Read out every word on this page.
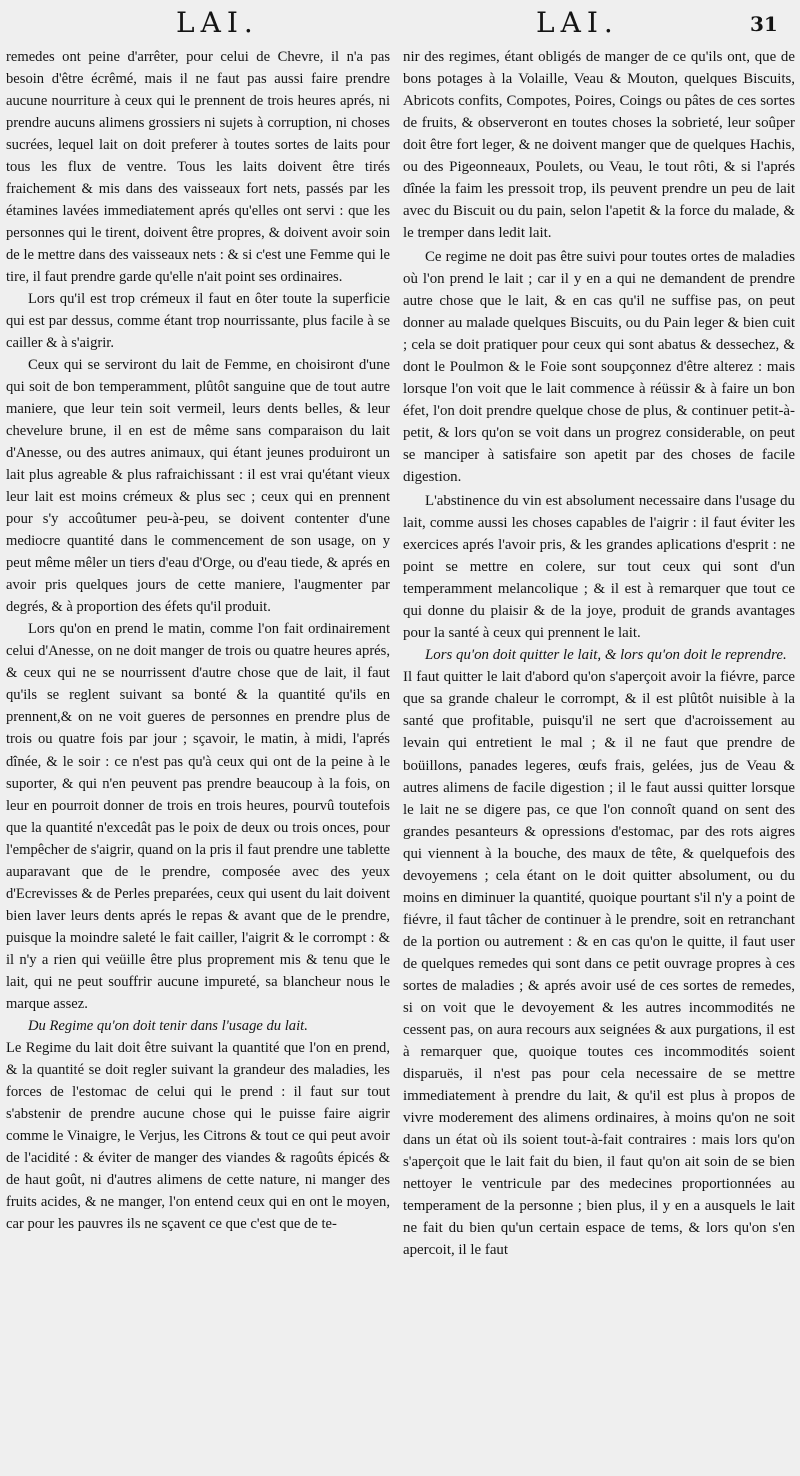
LAI.	LAI.	31

remedes ont peine d'arrêter, pour celui de Chevre, il n'a pas besoin d'être écrêmé, mais il ne faut pas aussi faire prendre aucune nourriture à ceux qui le prennent de trois heures aprés, ni prendre aucuns alimens grossiers ni sujets à corruption, ni choses sucrées, lequel lait on doit preferer à toutes sortes de laits pour tous les flux de ventre. Tous les laits doivent être tirés fraichement & mis dans des vaisseaux fort nets, passés par les étamines lavées immediatement aprés qu'elles ont servi : que les personnes qui le tirent, doivent être propres, & doivent avoir soin de le mettre dans des vaisseaux nets : & si c'est une Femme qui le tire, il faut prendre garde qu'elle n'ait point ses ordinaires.

Lors qu'il est trop crémeux il faut en ôter toute la superficie qui est par dessus, comme étant trop nourrissante, plus facile à se cailler & à s'aigrir.

Ceux qui se serviront du lait de Femme, en choisiront d'une qui soit de bon temperamment, plûtôt sanguine que de tout autre maniere, que leur tein soit vermeil, leurs dents belles, & leur chevelure brune, il en est de même sans comparaison du lait d'Anesse, ou des autres animaux, qui étant jeunes produiront un lait plus agreable & plus rafraichissant : il est vrai qu'étant vieux leur lait est moins crémeux & plus sec ; ceux qui en prennent pour s'y accoûtumer peu-à-peu, se doivent contenter d'une mediocre quantité dans le commencement de son usage, on y peut même mêler un tiers d'eau d'Orge, ou d'eau tiede, & aprés en avoir pris quelques jours de cette maniere, l'augmenter par degrés, & à proportion des éfets qu'il produit.

Lors qu'on en prend le matin, comme l'on fait ordinairement celui d'Anesse, on ne doit manger de trois ou quatre heures aprés, & ceux qui ne se nourrissent d'autre chose que de lait, il faut qu'ils se reglent suivant sa bonté & la quantité qu'ils en prennent,& on ne voit gueres de personnes en prendre plus de trois ou quatre fois par jour ; sçavoir, le matin, à midi, l'aprés dînée, & le soir : ce n'est pas qu'à ceux qui ont de la peine à le suporter, & qui n'en peuvent pas prendre beaucoup à la fois, on leur en pourroit donner de trois en trois heures, pourvû toutefois que la quantité n'excedât pas le poix de deux ou trois onces, pour l'empêcher de s'aigrir, quand on la pris il faut prendre une tablette auparavant que de le prendre, composée avec des yeux d'Ecrevisses & de Perles preparées, ceux qui usent du lait doivent bien laver leurs dents aprés le repas & avant que de le prendre, puisque la moindre saleté le fait cailler, l'aigrit & le corrompt : & il n'y a rien qui veüille être plus proprement mis & tenu que le lait, qui ne peut souffrir aucune impureté, sa blancheur nous le marque assez.

Du Regime qu'on doit tenir dans l'usage du lait.

Le Regime du lait doit être suivant la quantité que l'on en prend, & la quantité se doit regler suivant la grandeur des maladies, les forces de l'estomac de celui qui le prend : il faut sur tout s'abstenir de prendre aucune chose qui le puisse faire aigrir comme le Vinaigre, le Verjus, les Citrons & tout ce qui peut avoir de l'acidité : & éviter de manger des viandes & ragoûts épicés & de haut goût, ni d'autres alimens de cette nature, ni manger des fruits acides, & ne manger, l'on entend ceux qui en ont le moyen, car pour les pauvres ils ne sçavent ce que c'est que de te-

nir des regimes, étant obligés de manger de ce qu'ils ont, que de bons potages à la Volaille, Veau & Mouton, quelques Biscuits, Abricots confits, Compotes, Poires, Coings ou pâtes de ces sortes de fruits, & observeront en toutes choses la sobrieté, leur soûper doit être fort leger, & ne doivent manger que de quelques Hachis, ou des Pigeonneaux, Poulets, ou Veau, le tout rôti, & si l'aprés dînée la faim les pressoit trop, ils peuvent prendre un peu de lait avec du Biscuit ou du pain, selon l'apetit & la force du malade, & le tremper dans ledit lait.

Ce regime ne doit pas être suivi pour toutes ortes de maladies où l'on prend le lait ; car il y en a qui ne demandent de prendre autre chose que le lait, & en cas qu'il ne suffise pas, on peut donner au malade quelques Biscuits, ou du Pain leger & bien cuit ; cela se doit pratiquer pour ceux qui sont abatus & dessechez, & dont le Poulmon & le Foie sont soupçonnez d'être alterez : mais lorsque l'on voit que le lait commence à réüssir & à faire un bon éfet, l'on doit prendre quelque chose de plus, & continuer petit-à-petit, & lors qu'on se voit dans un progrez considerable, on peut se manciper à satisfaire son apetit par des choses de facile digestion.

L'abstinence du vin est absolument necessaire dans l'usage du lait, comme aussi les choses capables de l'aigrir : il faut éviter les exercices aprés l'avoir pris, & les grandes aplications d'esprit : ne point se mettre en colere, sur tout ceux qui sont d'un temperamment melancolique ; & il est à remarquer que tout ce qui donne du plaisir & de la joye, produit de grands avantages pour la santé à ceux qui prennent le lait.

Lors qu'on doit quitter le lait, & lors qu'on doit le reprendre.

Il faut quitter le lait d'abord qu'on s'aperçoit avoir la fiévre, parce que sa grande chaleur le corrompt, & il est plûtôt nuisible à la santé que profitable, puisqu'il ne sert que d'acroissement au levain qui entretient le mal ; & il ne faut que prendre de boüillons, panades legeres, œufs frais, gelées, jus de Veau & autres alimens de facile digestion ; il le faut aussi quitter lorsque le lait ne se digere pas, ce que l'on connoît quand on sent des grandes pesanteurs & opressions d'estomac, par des rots aigres qui viennent à la bouche, des maux de tête, & quelquefois des devoyemens ; cela étant on le doit quitter absolument, ou du moins en diminuer la quantité, quoique pourtant s'il n'y a point de fiévre, il faut tâcher de continuer à le prendre, soit en retranchant de la portion ou autrement : & en cas qu'on le quitte, il faut user de quelques remedes qui sont dans ce petit ouvrage propres à ces sortes de maladies ; & aprés avoir usé de ces sortes de remedes, si on voit que le devoyement & les autres incommodités ne cessent pas, on aura recours aux seignées & aux purgations, il est à remarquer que, quoique toutes ces incommodités soient disparuës, il n'est pas pour cela necessaire de se mettre immediatement à prendre du lait, & qu'il est plus à propos de vivre moderement des alimens ordinaires, à moins qu'on ne soit dans un état où ils soient tout-à-fait contraires : mais lors qu'on s'aperçoit que le lait fait du bien, il faut qu'on ait soin de se bien nettoyer le ventricule par des medecines proportionnées au temperament de la personne ; bien plus, il y en a ausquels le lait ne fait du bien qu'un certain espace de tems, & lors qu'on s'en apercoit, il le faut
